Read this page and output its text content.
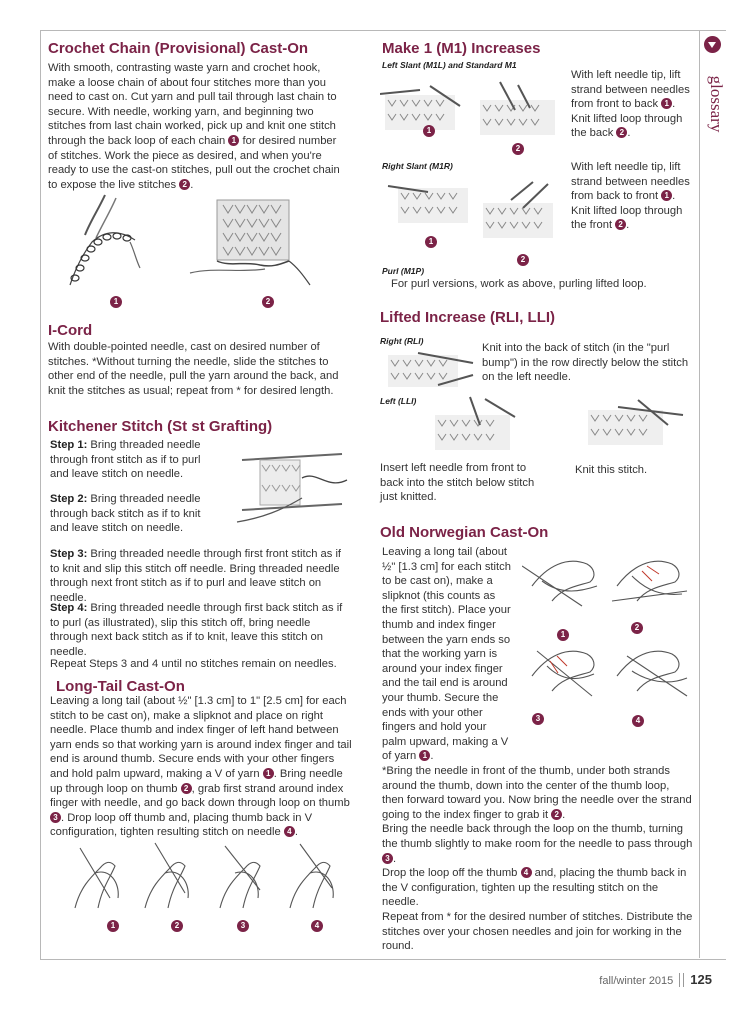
glossary
Crochet Chain (Provisional) Cast-On
With smooth, contrasting waste yarn and crochet hook, make a loose chain of about four stitches more than you need to cast on. Cut yarn and pull tail through last chain to secure. With needle, working yarn, and beginning two stitches from last chain worked, pick up and knit one stitch through the back loop of each chain 1 for desired number of stitches. Work the piece as desired, and when you're ready to use the cast-on stitches, pull out the crochet chain to expose the live stitches 2 .
1	2
I-Cord
With double-pointed needle, cast on desired number of stitches. *Without turning the needle, slide the stitches to other end of the needle, pull the yarn around the back, and knit the stitches as usual; repeat from * for desired length.
Kitchener Stitch (St st Grafting)
Step 1: Bring threaded needle through front stitch as if to purl and leave stitch on needle.
Step 2: Bring threaded needle through back stitch as if to knit and leave stitch on needle.
Step 3: Bring threaded needle through first front stitch as if to knit and slip this stitch off needle. Bring threaded needle through next front stitch as if to purl and leave stitch on needle.
Step 4: Bring threaded needle through first back stitch as if to purl (as illustrated), slip this stitch off, bring needle through next back stitch as if to knit, leave this stitch on needle.
Repeat Steps 3 and 4 until no stitches remain on needles.
Long-Tail Cast-On
Leaving a long tail (about ½" [1.3 cm] to 1" [2.5 cm] for each stitch to be cast on), make a slipknot and place on right needle. Place thumb and index finger of left hand between yarn ends so that working yarn is around index finger and tail end is around thumb. Secure ends with your other fingers and hold palm upward, making a V of yarn 1 . Bring needle up through loop on thumb 2 , grab first strand around index finger with needle, and go back down through loop on thumb 3 . Drop loop off thumb and, placing thumb back in V configuration, tighten resulting stitch on needle 4 .
1	2	3	4
Make 1 (M1) Increases
Left Slant (M1L) and Standard M1
1
2
With left needle tip, lift strand between needles from front to back 1 . Knit lifted loop through the back 2 .
Right Slant (M1R)
1
2
With left needle tip, lift strand between needles from back to front 1 . Knit lifted loop through the front 2 .
Purl (M1P)
For purl versions, work as above, purling lifted loop.
Lifted Increase (RLI, LLI)
Right (RLI)
Knit into the back of stitch (in the "purl bump") in the row directly below the stitch on the left needle.
Left (LLI)
Insert left needle from front to back into the stitch below stitch just knitted.
Knit this stitch.
Old Norwegian Cast-On
Leaving a long tail (about ½" [1.3 cm] for each stitch to be cast on), make a slipknot (this counts as the first stitch). Place your thumb and index finger between the yarn ends so that the working yarn is around your index finger and the tail end is around your thumb. Secure the ends with your other fingers and hold your palm upward, making a V of yarn 1 .
*Bring the needle in front of the thumb, under both strands around the thumb, down into the center of the thumb loop, then forward toward you. Now bring the needle over the strand going to the index finger to grab it 2 .
Bring the needle back through the loop on the thumb, turning the thumb slightly to make room for the needle to pass through 3 .
Drop the loop off the thumb 4 and, placing the thumb back in the V configuration, tighten up the resulting stitch on the needle.
Repeat from * for the desired number of stitches. Distribute the stitches over your chosen needles and join for working in the round.
1
2
3	4
fall/winter 2015 125
